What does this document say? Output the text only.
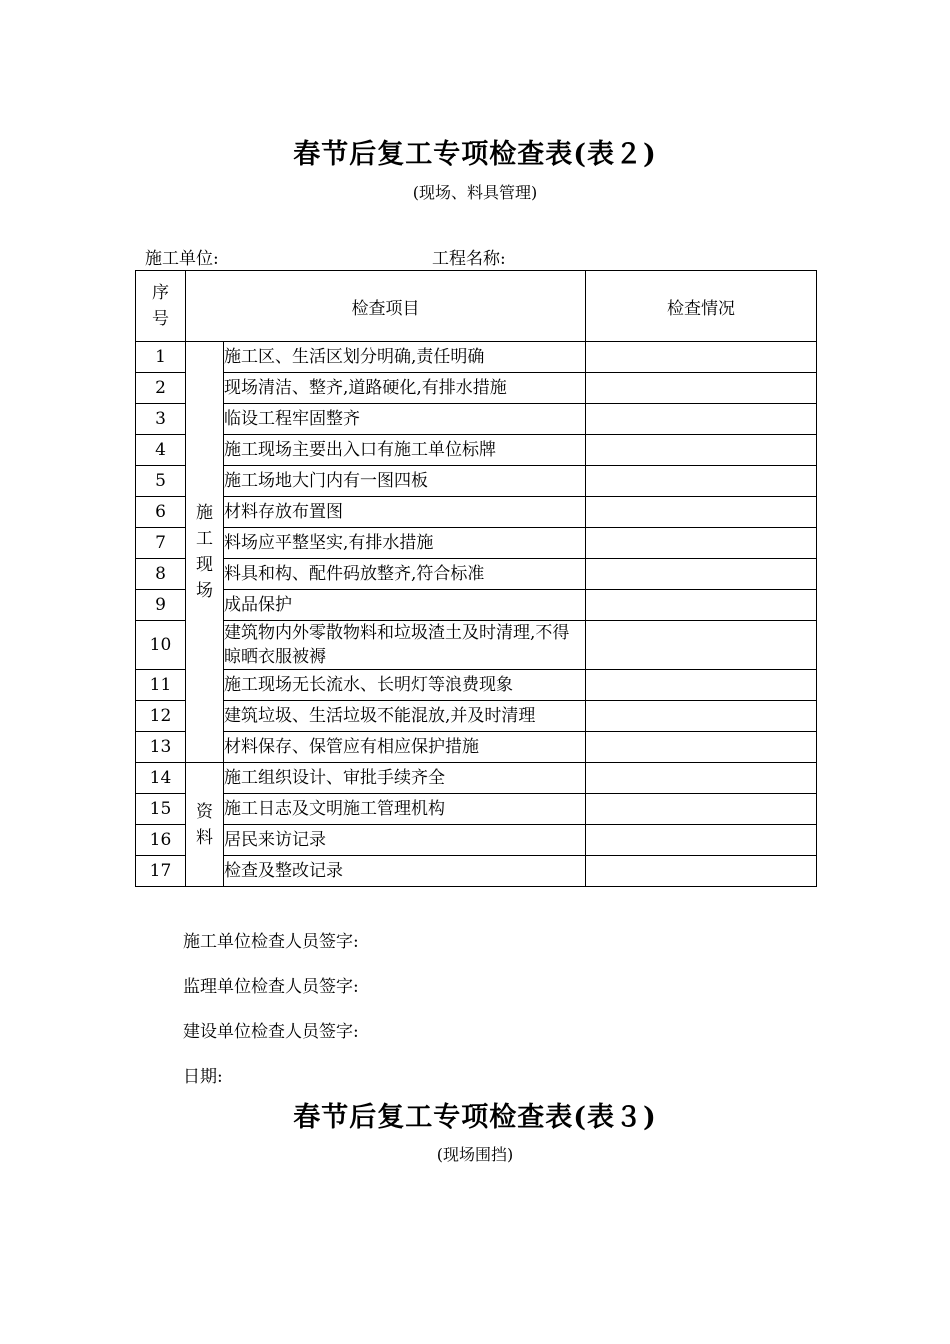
春节后复工专项检查表(表２)
(现场、料具管理)
施工单位:	工程名称:
序号	检查项目		检查情况
1	施工现场	施工区、生活区划分明确,责任明确	
2		现场清洁、整齐,道路硬化,有排水措施	
3		临设工程牢固整齐	
4		施工现场主要出入口有施工单位标牌	
5		施工场地大门内有一图四板	
6		材料存放布置图	
7		料场应平整坚实,有排水措施	
8		料具和构、配件码放整齐,符合标准	
9		成品保护	
10		建筑物内外零散物料和垃圾渣土及时清理,不得晾晒衣服被褥	
11		施工现场无长流水、长明灯等浪费现象	
12		建筑垃圾、生活垃圾不能混放,并及时清理	
13		材料保存、保管应有相应保护措施	
14	资料	施工组织设计、审批手续齐全	
15		施工日志及文明施工管理机构	
16		居民来访记录	
17		检查及整改记录	
施工单位检查人员签字:
监理单位检查人员签字:
建设单位检查人员签字:
日期:
春节后复工专项检查表(表３)
(现场围挡)
